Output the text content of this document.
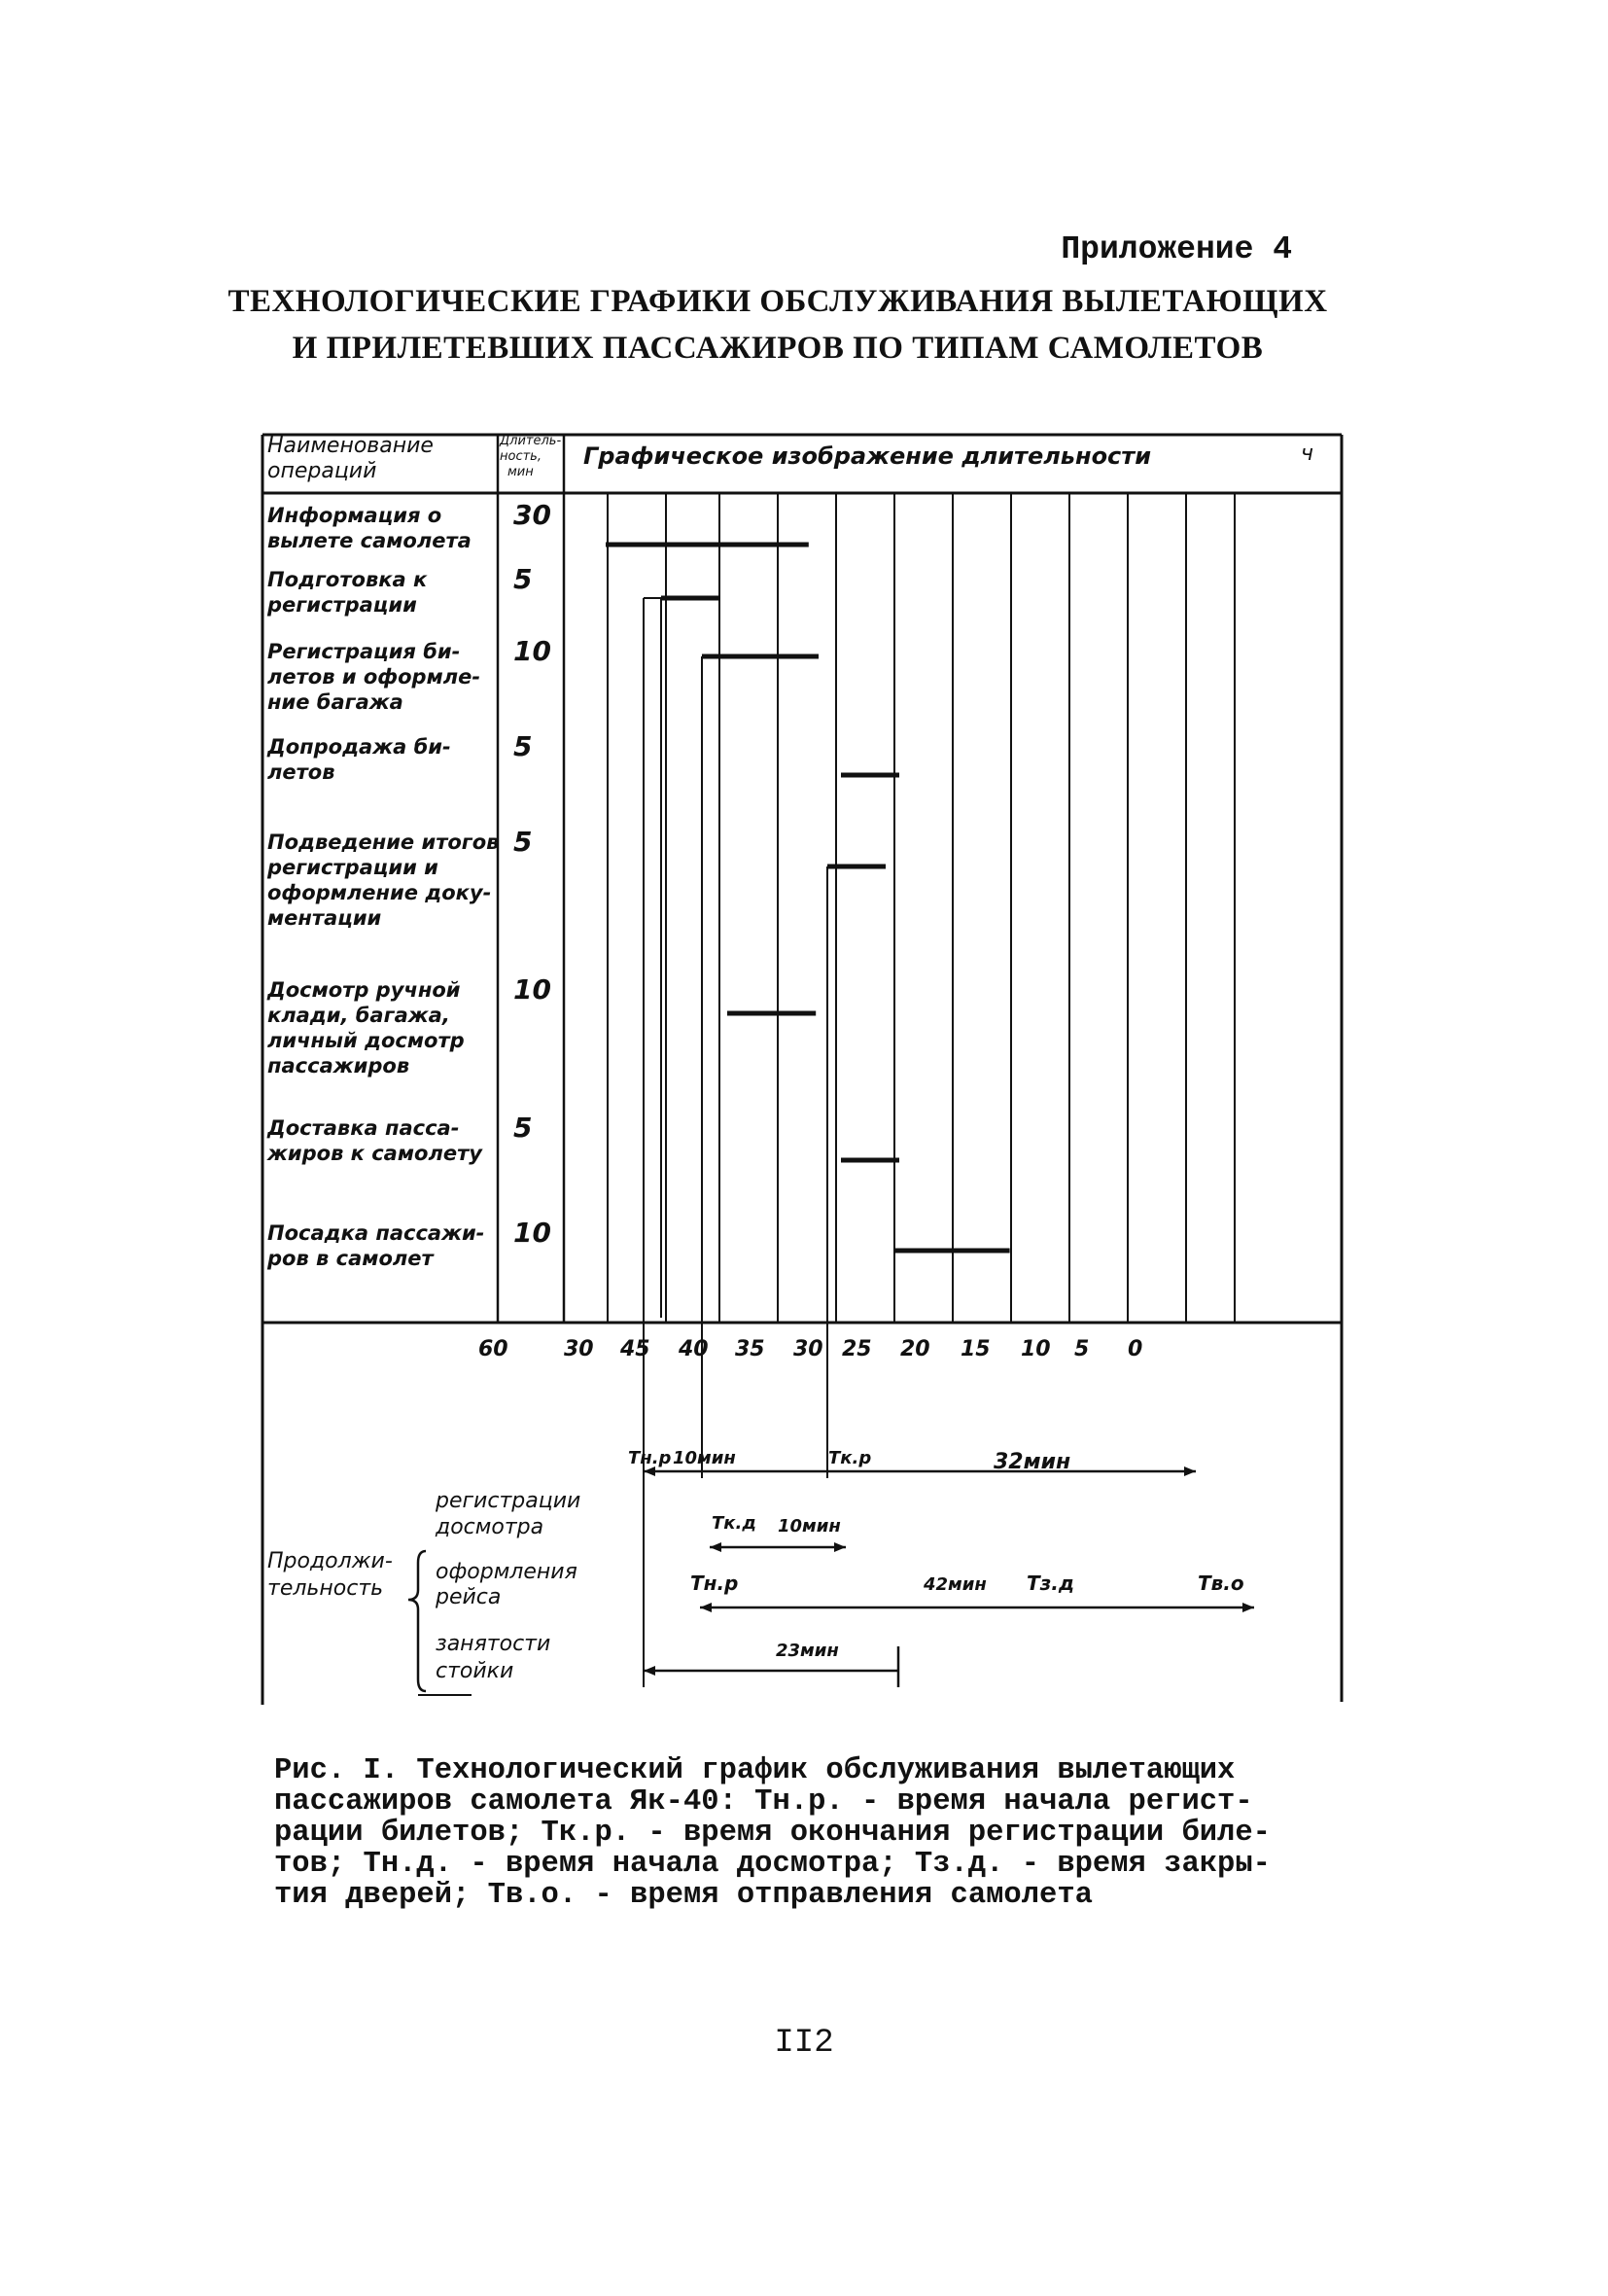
Приложение 4
ТЕХНОЛОГИЧЕСКИЕ ГРАФИКИ ОБСЛУЖИВАНИЯ ВЫЛЕТАЮЩИХ
И ПРИЛЕТЕВШИХ ПАССАЖИРОВ ПО ТИПАМ САМОЛЕТОВ
Наименование
операций
Длитель-
ность,
мин
Графическое изображение длительности	ч
Информация о
вылете самолета
30
Подготовка к
регистрации
5
Регистрация би-
летов и оформле-
ние багажа
10
Допродажа би-
летов
5
Подведение итогов
регистрации и
оформление доку-
ментации
5
Досмотр ручной
клади, багажа,
личный досмотр
пассажиров
10
Доставка пасса-
жиров к самолету
5
Посадка пассажи-
ров в самолет
10
60	30 45 40 35 30 25 20 15 10 5 0
Продолжи-
тельность
регистрации
досмотра
оформления
рейса
занятости
стойки
Тн.р 10мин	Тк.р	32мин
Тк.д 10мин
Тн.р	42мин Тз.д	Тв.о
23мин
Рис. I. Технологический график обслуживания вылетающих
пассажиров самолета Як-40: Тн.р. - время начала регист-
рации билетов; Тк.р. - время окончания регистрации биле-
тов; Тн.д. - время начала досмотра; Тз.д. - время закры-
тия дверей; Тв.о. - время отправления самолета
II2
